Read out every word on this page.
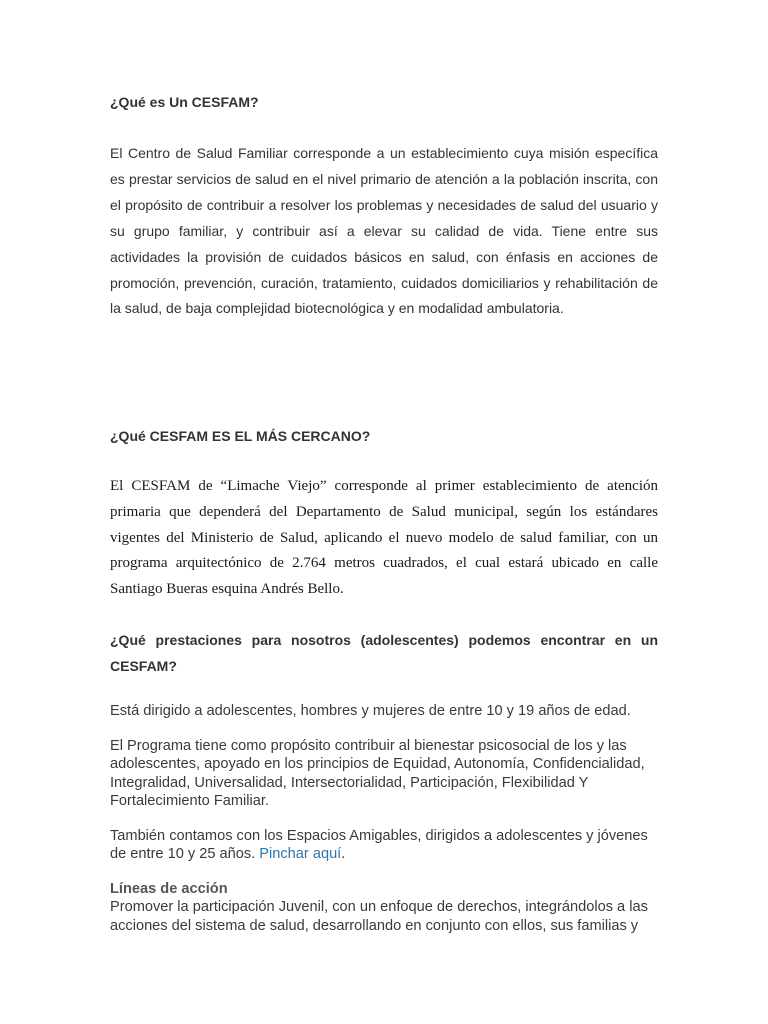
¿Qué es Un CESFAM?

El Centro de Salud Familiar corresponde a un establecimiento cuya misión específica es prestar servicios de salud en el nivel primario de atención a la población inscrita, con el propósito de contribuir a resolver los problemas y necesidades de salud del usuario y su grupo familiar, y contribuir así a elevar su calidad de vida. Tiene entre sus actividades la provisión de cuidados básicos en salud, con énfasis en acciones de promoción, prevención, curación, tratamiento, cuidados domiciliarios y rehabilitación de la salud, de baja complejidad biotecnológica y en modalidad ambulatoria.

¿Qué CESFAM ES EL MÁS CERCANO?

El CESFAM de “Limache Viejo” corresponde al primer establecimiento de atención primaria que dependerá del Departamento de Salud municipal, según los estándares vigentes del Ministerio de Salud, aplicando el nuevo modelo de salud familiar, con un programa arquitectónico de 2.764 metros cuadrados, el cual estará ubicado en calle Santiago Bueras esquina Andrés Bello.

¿Qué prestaciones para nosotros (adolescentes) podemos encontrar en un CESFAM?

Está dirigido a adolescentes, hombres y mujeres de entre 10 y 19 años de edad.

El Programa tiene como propósito contribuir al bienestar psicosocial de los y las adolescentes, apoyado en los principios de Equidad, Autonomía, Confidencialidad, Integralidad, Universalidad, Intersectorialidad, Participación, Flexibilidad Y Fortalecimiento Familiar.

También contamos con los Espacios Amigables, dirigidos a adolescentes y jóvenes de entre 10 y 25 años. Pinchar aquí.

Líneas de acción
Promover la participación Juvenil, con un enfoque de derechos, integrándolos a las acciones del sistema de salud, desarrollando en conjunto con ellos, sus familias y
